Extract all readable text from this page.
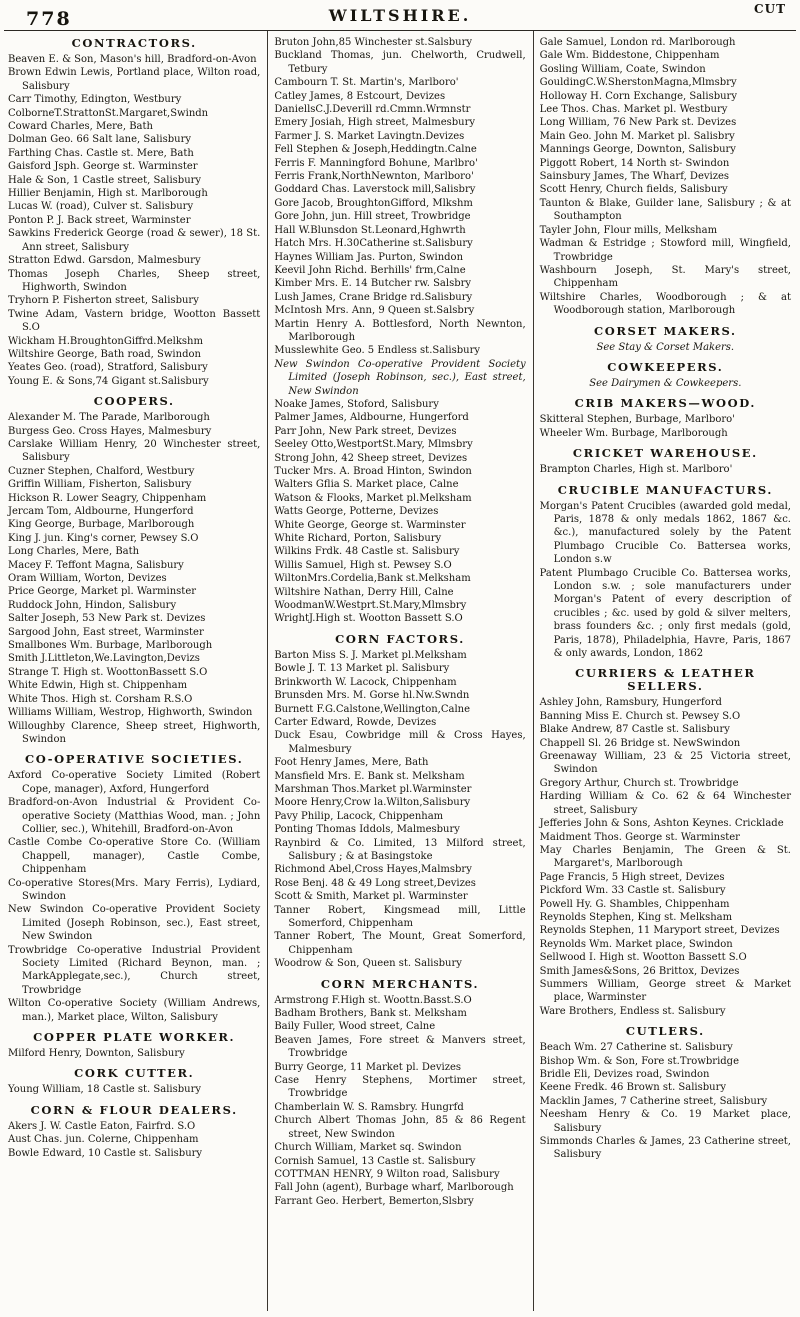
778	WILTSHIRE.	CUT
CONTRACTORS.

Beaven E. & Son, Mason's hill, Bradford-on-Avon

Brown Edwin Lewis, Portland place, Wilton road, Salisbury

Carr Timothy, Edington, Westbury

ColborneT.StrattonSt.Margaret,Swindn

Coward Charles, Mere, Bath

Dolman Geo. 66 Salt lane, Salisbury

Farthing Chas. Castle st. Mere, Bath

Gaisford Jsph. George st. Warminster

Hale & Son, 1 Castle street, Salisbury

Hillier Benjamin, High st. Marlborough

Lucas W. (road), Culver st. Salisbury

Ponton P. J. Back street, Warminster

Sawkins Frederick George (road & sewer), 18 St. Ann street, Salisbury

Stratton Edwd. Garsdon, Malmesbury

Thomas Joseph Charles, Sheep street, Highworth, Swindon

Tryhorn P. Fisherton street, Salisbury

Twine Adam, Vastern bridge, Wootton Bassett S.O

Wickham H.BroughtonGiffrd.Melkshm

Wiltshire George, Bath road, Swindon

Yeates Geo. (road), Stratford, Salisbury

Young E. & Sons,74 Gigant st.Salisbury

COOPERS.

Alexander M. The Parade, Marlborough

Burgess Geo. Cross Hayes, Malmesbury

Carslake William Henry, 20 Winchester street, Salisbury

Cuzner Stephen, Chalford, Westbury

Griffin William, Fisherton, Salisbury

Hickson R. Lower Seagry, Chippenham

Jercam Tom, Aldbourne, Hungerford

King George, Burbage, Marlborough

King J. jun. King's corner, Pewsey S.O

Long Charles, Mere, Bath

Macey F. Teffont Magna, Salisbury

Oram William, Worton, Devizes

Price George, Market pl. Warminster

Ruddock John, Hindon, Salisbury

Salter Joseph, 53 New Park st. Devizes

Sargood John, East street, Warminster

Smallbones Wm. Burbage, Marlborough

Smith J.Littleton,We.Lavington,Devizs

Strange T. High st. WoottonBassett S.O

White Edwin, High st. Chippenham

White Thos. High st. Corsham R.S.O

Williams William, Westrop, Highworth, Swindon

Willoughby Clarence, Sheep street, Highworth, Swindon

CO-OPERATIVE SOCIETIES.

Axford Co-operative Society Limited (Robert Cope, manager), Axford, Hungerford

Bradford-on-Avon Industrial & Provident Co-operative Society (Matthias Wood, man. ; John Collier, sec.), Whitehill, Bradford-on-Avon

Castle Combe Co-operative Store Co. (William Chappell, manager), Castle Combe, Chippenham

Co-operative Stores(Mrs. Mary Ferris), Lydiard, Swindon

New Swindon Co-operative Provident Society Limited (Joseph Robinson, sec.), East street, New Swindon

Trowbridge Co-operative Industrial Provident Society Limited (Richard Beynon, man. ; MarkApplegate,sec.), Church street, Trowbridge

Wilton Co-operative Society (William Andrews, man.), Market place, Wilton, Salisbury

COPPER PLATE WORKER.

Milford Henry, Downton, Salisbury

CORK CUTTER.

Young William, 18 Castle st. Salisbury

CORN & FLOUR DEALERS.

Akers J. W. Castle Eaton, Fairfrd. S.O

Aust Chas. jun. Colerne, Chippenham

Bowle Edward, 10 Castle st. Salisbury

Bruton John,85 Winchester st.Salsbury

Buckland Thomas, jun. Chelworth, Crudwell, Tetbury

Cambourn T. St. Martin's, Marlboro'

Catley James, 8 Estcourt, Devizes

DaniellsC.J.Deverill rd.Cmmn.Wrmnstr

Emery Josiah, High street, Malmesbury

Farmer J. S. Market Lavingtn.Devizes

Fell Stephen & Joseph,Heddingtn.Calne

Ferris F. Manningford Bohune, Marlbro'

Ferris Frank,NorthNewnton, Marlboro'

Goddard Chas. Laverstock mill,Salisbry

Gore Jacob, BroughtonGifford, Mlkshm

Gore John, jun. Hill street, Trowbridge

Hall W.Blunsdon St.Leonard,Hghwrth

Hatch Mrs. H.30Catherine st.Salisbury

Haynes William Jas. Purton, Swindon

Keevil John Richd. Berhills' frm,Calne

Kimber Mrs. E. 14 Butcher rw. Salsbry

Lush James, Crane Bridge rd.Salisbury

McIntosh Mrs. Ann, 9 Queen st.Salsbry

Martin Henry A. Bottlesford, North Newnton, Marlborough

Musslewhite Geo. 5 Endless st.Salisbury

New Swindon Co-operative Provident Society Limited (Joseph Robinson, sec.), East street, New Swindon

Noake James, Stoford, Salisbury

Palmer James, Aldbourne, Hungerford

Parr John, New Park street, Devizes

Seeley Otto,WestportSt.Mary, Mlmsbry

Strong John, 42 Sheep street, Devizes

Tucker Mrs. A. Broad Hinton, Swindon

Walters Gflia S. Market place, Calne

Watson & Flooks, Market pl.Melksham

Watts George, Potterne, Devizes

White George, George st. Warminster

White Richard, Porton, Salisbury

Wilkins Frdk. 48 Castle st. Salisbury

Willis Samuel, High st. Pewsey S.O

WiltonMrs.Cordelia,Bank st.Melksham

Wiltshire Nathan, Derry Hill, Calne

WoodmanW.Westprt.St.Mary,Mlmsbry

WrightJ.High st. Wootton Bassett S.O

CORN FACTORS.

Barton Miss S. J. Market pl.Melksham

Bowle J. T. 13 Market pl. Salisbury

Brinkworth W. Lacock, Chippenham

Brunsden Mrs. M. Gorse hl.Nw.Swndn

Burnett F.G.Calstone,Wellington,Calne

Carter Edward, Rowde, Devizes

Duck Esau, Cowbridge mill & Cross Hayes, Malmesbury

Foot Henry James, Mere, Bath

Mansfield Mrs. E. Bank st. Melksham

Marshman Thos.Market pl.Warminster

Moore Henry,Crow la.Wilton,Salisbury

Pavy Philip, Lacock, Chippenham

Ponting Thomas Iddols, Malmesbury

Raynbird & Co. Limited, 13 Milford street, Salisbury ; & at Basingstoke

Richmond Abel,Cross Hayes,Malmsbry

Rose Benj. 48 & 49 Long street,Devizes

Scott & Smith, Market pl. Warminster

Tanner Robert, Kingsmead mill, Little Somerford, Chippenham

Tanner Robert, The Mount, Great Somerford, Chippenham

Woodrow & Son, Queen st. Salisbury

CORN MERCHANTS.

Armstrong F.High st. Woottn.Basst.S.O

Badham Brothers, Bank st. Melksham

Baily Fuller, Wood street, Calne

Beaven James, Fore street & Manvers street, Trowbridge

Burry George, 11 Market pl. Devizes

Case Henry Stephens, Mortimer street, Trowbridge

Chamberlain W. S. Ramsbry. Hungrfd

Church Albert Thomas John, 85 & 86 Regent street, New Swindon

Church William, Market sq. Swindon

Cornish Samuel, 13 Castle st. Salisbury

COTTMAN HENRY, 9 Wilton road, Salisbury

Fall John (agent), Burbage wharf, Marlborough

Farrant Geo. Herbert, Bemerton,Slsbry

Gale Samuel, London rd. Marlborough

Gale Wm. Biddestone, Chippenham

Gosling William, Coate, Swindon

GouldingC.W.SherstonMagna,Mlmsbry

Holloway H. Corn Exchange, Salisbury

Lee Thos. Chas. Market pl. Westbury

Long William, 76 New Park st. Devizes

Main Geo. John M. Market pl. Salisbry

Mannings George, Downton, Salisbury

Piggott Robert, 14 North st- Swindon

Sainsbury James, The Wharf, Devizes

Scott Henry, Church fields, Salisbury

Taunton & Blake, Guilder lane, Salisbury ; & at Southampton

Tayler John, Flour mills, Melksham

Wadman & Estridge ; Stowford mill, Wingfield, Trowbridge

Washbourn Joseph, St. Mary's street, Chippenham

Wiltshire Charles, Woodborough ; & at Woodborough station, Marlborough

CORSET MAKERS.

See Stay & Corset Makers.

COWKEEPERS.

See Dairymen & Cowkeepers.

CRIB MAKERS—WOOD.

Skitteral Stephen, Burbage, Marlboro'

Wheeler Wm. Burbage, Marlborough

CRICKET WAREHOUSE.

Brampton Charles, High st. Marlboro'

CRUCIBLE MANUFACTURS.

Morgan's Patent Crucibles (awarded gold medal, Paris, 1878 & only medals 1862, 1867 &c. &c.), manufactured solely by the Patent Plumbago Crucible Co. Battersea works, London s.w

Patent Plumbago Crucible Co. Battersea works, London s.w. ; sole manufacturers under Morgan's Patent of every description of crucibles ; &c. used by gold & silver melters, brass founders &c. ; only first medals (gold, Paris, 1878), Philadelphia, Havre, Paris, 1867 & only awards, London, 1862

CURRIERS & LEATHER SELLERS.

Ashley John, Ramsbury, Hungerford

Banning Miss E. Church st. Pewsey S.O

Blake Andrew, 87 Castle st. Salisbury

Chappell Sl. 26 Bridge st. NewSwindon

Greenaway William, 23 & 25 Victoria street, Swindon

Gregory Arthur, Church st. Trowbridge

Harding William & Co. 62 & 64 Winchester street, Salisbury

Jefferies John & Sons, Ashton Keynes. Cricklade

Maidment Thos. George st. Warminster

May Charles Benjamin, The Green & St. Margaret's, Marlborough

Page Francis, 5 High street, Devizes

Pickford Wm. 33 Castle st. Salisbury

Powell Hy. G. Shambles, Chippenham

Reynolds Stephen, King st. Melksham

Reynolds Stephen, 11 Maryport street, Devizes

Reynolds Wm. Market place, Swindon

Sellwood I. High st. Wootton Bassett S.O

Smith James&Sons, 26 Brittox, Devizes

Summers William, George street & Market place, Warminster

Ware Brothers, Endless st. Salisbury

CUTLERS.

Beach Wm. 27 Catherine st. Salisbury

Bishop Wm. & Son, Fore st.Trowbridge

Bridle Eli, Devizes road, Swindon

Keene Fredk. 46 Brown st. Salisbury

Macklin James, 7 Catherine street, Salisbury

Neesham Henry & Co. 19 Market place, Salisbury

Simmonds Charles & James, 23 Catherine street, Salisbury
